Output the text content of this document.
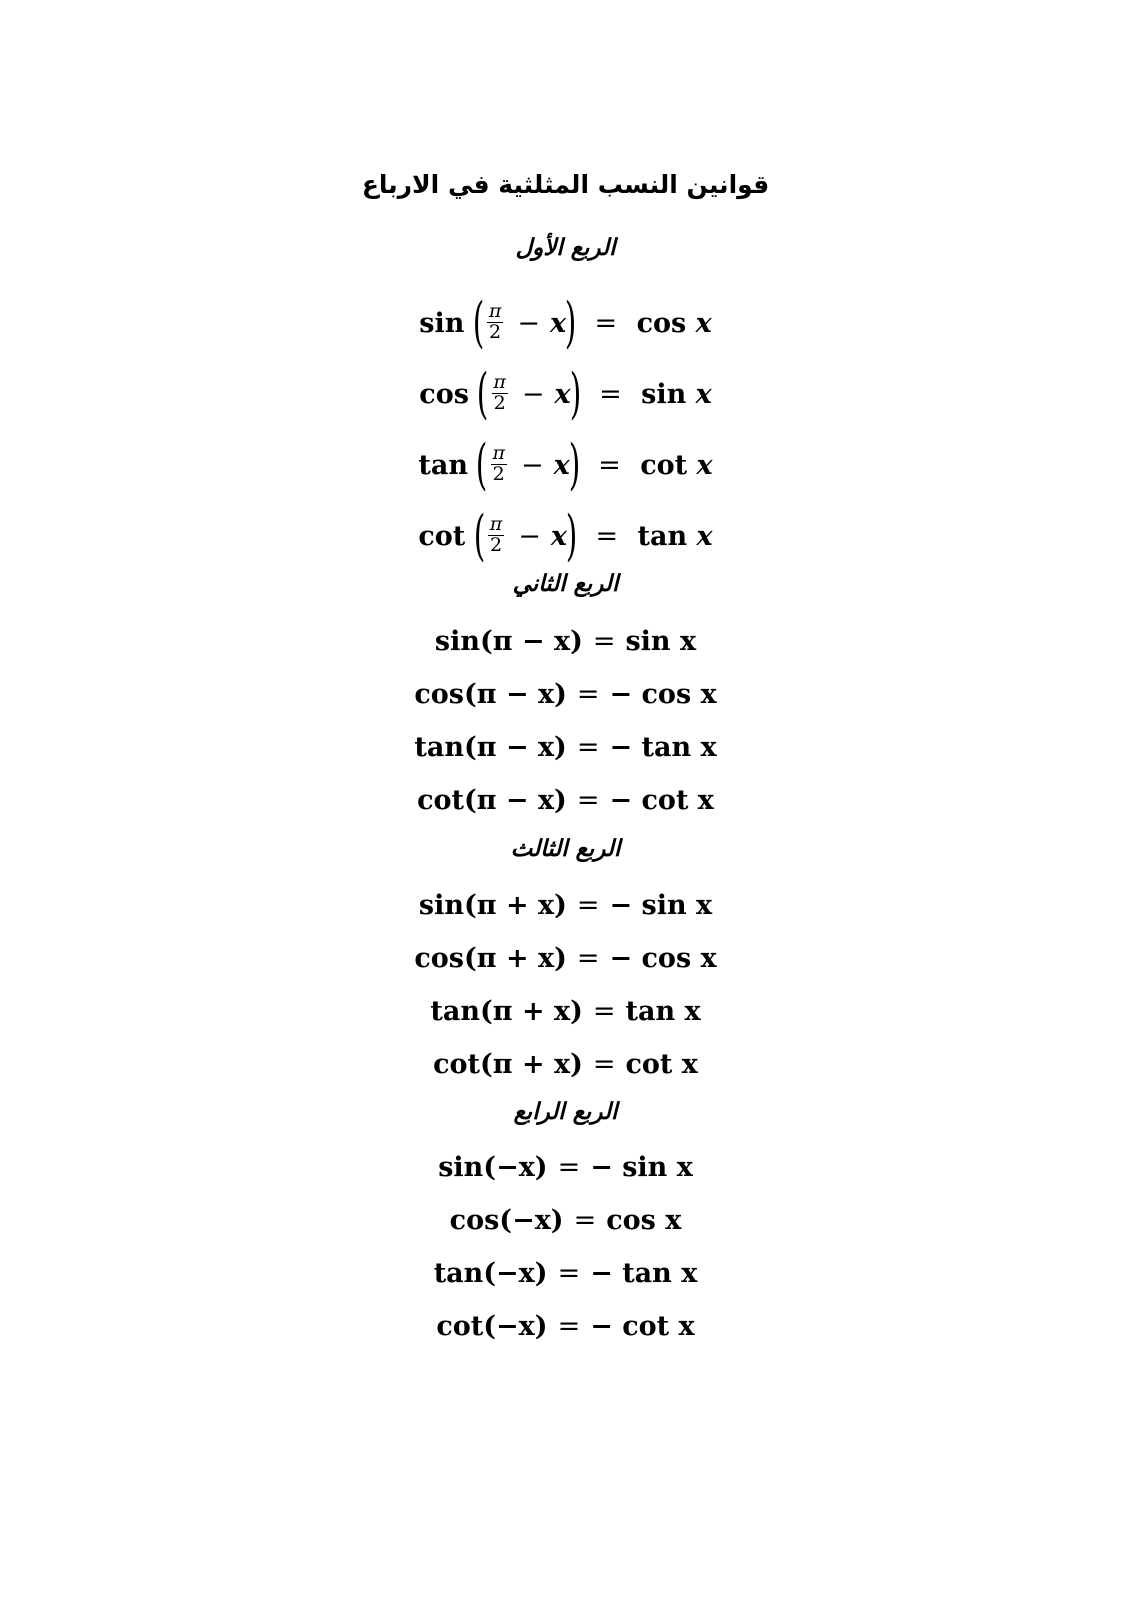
قوانين النسب المثلثية في الارباع
الربع الأول
sin ( $\frac{\pi}{2} - x) = \cos x$
cos ( $\frac{\pi}{2} - x) = \sin x$
tan ( $\frac{\pi}{2} - x) = \cot x$
cot ( $\frac{\pi}{2} - x) = \tan x$
الربع الثاني
sin(π − x) = sin x
cos(π − x) = − cos x
tan(π − x) = − tan x
cot(π − x) = − cot x
الربع الثالث
sin(π + x) = − sin x
cos(π + x) = − cos x
tan(π + x) = tan x
cot(π + x) = cot x
الربع الرابع
sin(−x) = − sin x
cos(−x) = cos x
tan(−x) = − tan x
cot(−x) = − cot x
